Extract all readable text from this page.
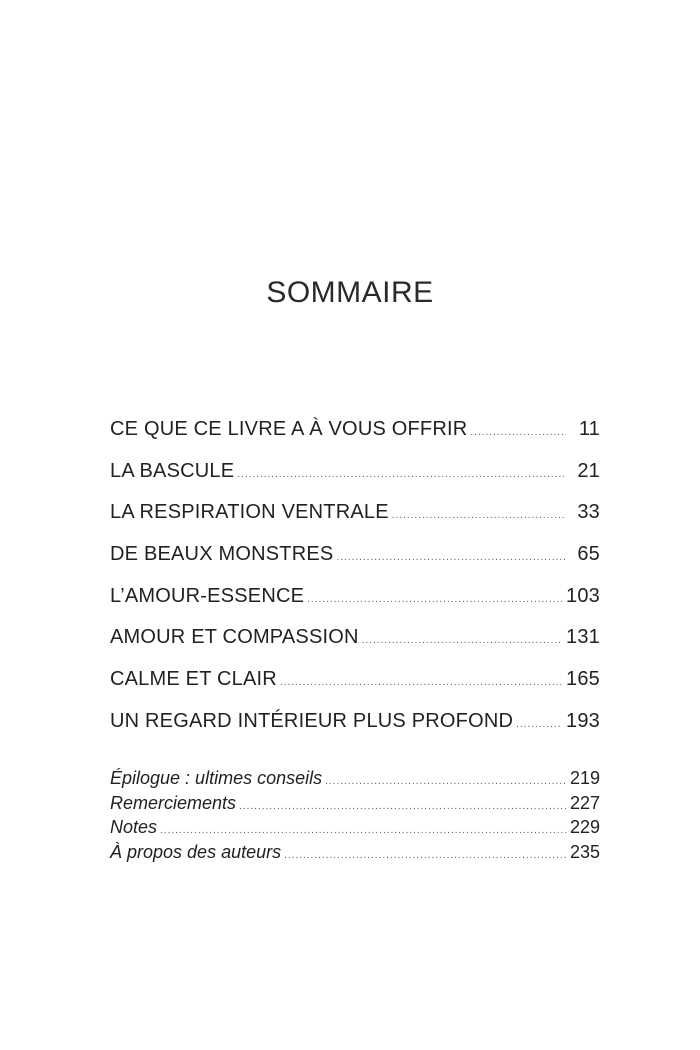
SOMMAIRE
CE QUE CE LIVRE A À VOUS OFFRIR .....	11
LA BASCULE .....	21
LA RESPIRATION VENTRALE .....	33
DE BEAUX MONSTRES .....	65
L’AMOUR-ESSENCE .....	103
AMOUR ET COMPASSION .....	131
CALME ET CLAIR .....	165
UN REGARD INTÉRIEUR PLUS PROFOND .....	193
Épilogue : ultimes conseils .....	219
Remerciements .....	227
Notes .....	229
À propos des auteurs .....	235
